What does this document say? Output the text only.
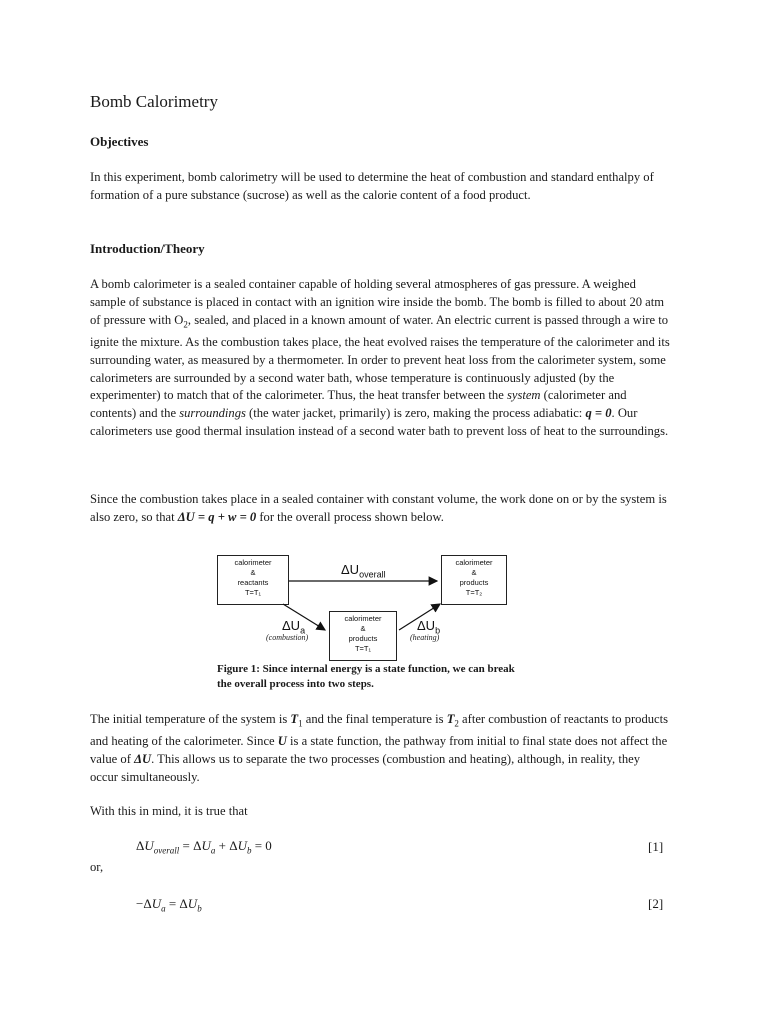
Bomb Calorimetry
Objectives

In this experiment, bomb calorimetry will be used to determine the heat of combustion and standard enthalpy of formation of a pure substance (sucrose) as well as the calorie content of a food product.

Introduction/Theory

A bomb calorimeter is a sealed container capable of holding several atmospheres of gas pressure. A weighed sample of substance is placed in contact with an ignition wire inside the bomb. The bomb is filled to about 20 atm of pressure with $O_2$, sealed, and placed in a known amount of water. An electric current is passed through a wire to ignite the mixture. As the combustion takes place, the heat evolved raises the temperature of the calorimeter and its surrounding water, as measured by a thermometer. In order to prevent heat loss from the calorimeter system, some calorimeters are surrounded by a second water bath, whose temperature is continuously adjusted (by the experimenter) to match that of the calorimeter. Thus, the heat transfer between the system (calorimeter and contents) and the surroundings (the water jacket, primarily) is zero, making the process adiabatic: q = 0. Our calorimeters use good thermal insulation instead of a second water bath to prevent loss of heat to the surroundings.

Since the combustion takes place in a sealed container with constant volume, the work done on or by the system is also zero, so that ΔU = q + w = 0 for the overall process shown below.

calorimeter
&
reactants
T=T₁
calorimeter
&
products
T=T₂
calorimeter
&
products
T=T₁
$\Delta U_{overall}$
$\Delta U_a$
(combustion)
$\Delta U_b$
(heating)
Figure 1: Since internal energy is a state function, we can break the overall process into two steps.

The initial temperature of the system is $T_1$ and the final temperature is $T_2$ after combustion of reactants to products and heating of the calorimeter. Since U is a state function, the pathway from initial to final state does not affect the value of ΔU. This allows us to separate the two processes (combustion and heating), although, in reality, they occur simultaneously.

With this in mind, it is true that

$\Delta U_{overall} = \Delta U_a + \Delta U_b = 0$	[1]

or,

$-\Delta U_a = \Delta U_b$	[2]
